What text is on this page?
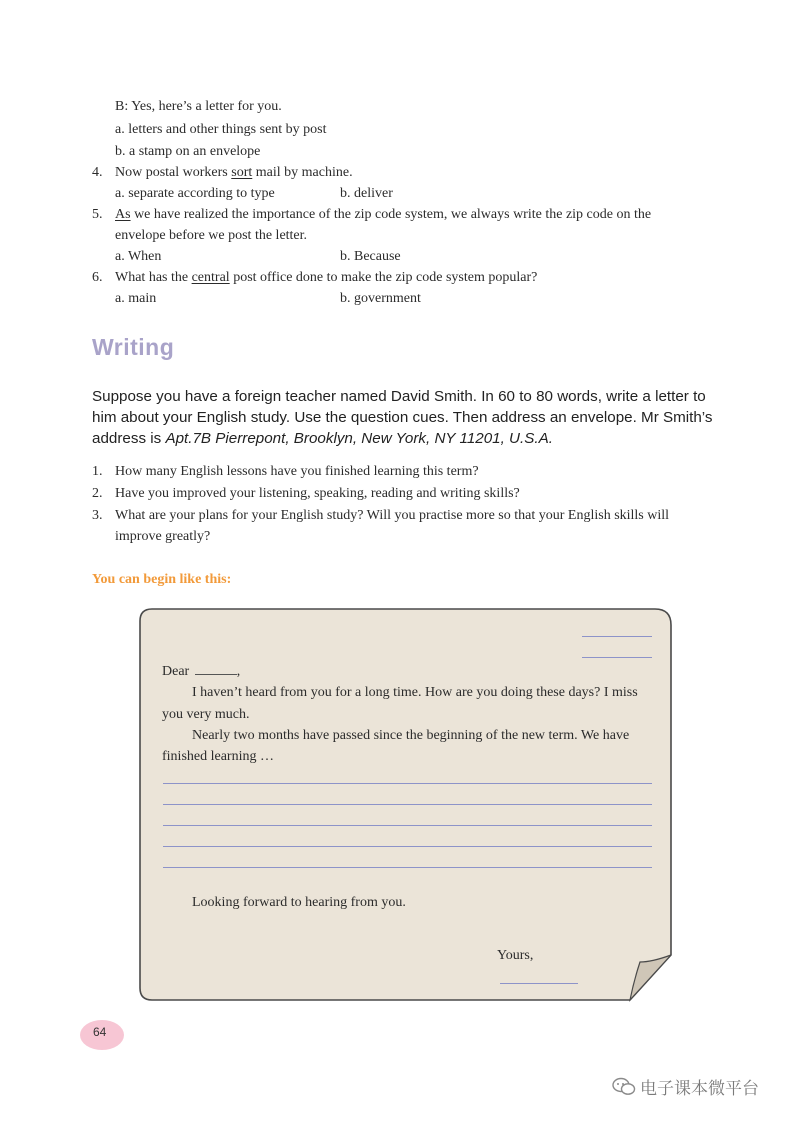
B: Yes, here’s a letter for you.
a. letters and other things sent by post
b. a stamp on an envelope
4. Now postal workers sort mail by machine.
a. separate according to type	b. deliver
5. As we have realized the importance of the zip code system, we always write the zip code on the
envelope before we post the letter.
a. When	b. Because
6. What has the central post office done to make the zip code system popular?
a. main	b. government
Writing
Suppose you have a foreign teacher named David Smith. In 60 to 80 words, write a letter to
him about your English study. Use the question cues. Then address an envelope. Mr Smith’s
address is Apt.7B Pierrepont, Brooklyn, New York, NY 11201, U.S.A.
1. How many English lessons have you finished learning this term?
2. Have you improved your listening, speaking, reading and writing skills?
3. What are your plans for your English study? Will you practise more so that your English skills will
improve greatly?
You can begin like this:
Dear	,
I haven’t heard from you for a long time. How are you doing these days? I miss
you very much.
Nearly two months have passed since the beginning of the new term. We have
finished learning …
Looking forward to hearing from you.
Yours,
64
电子课本微平台
